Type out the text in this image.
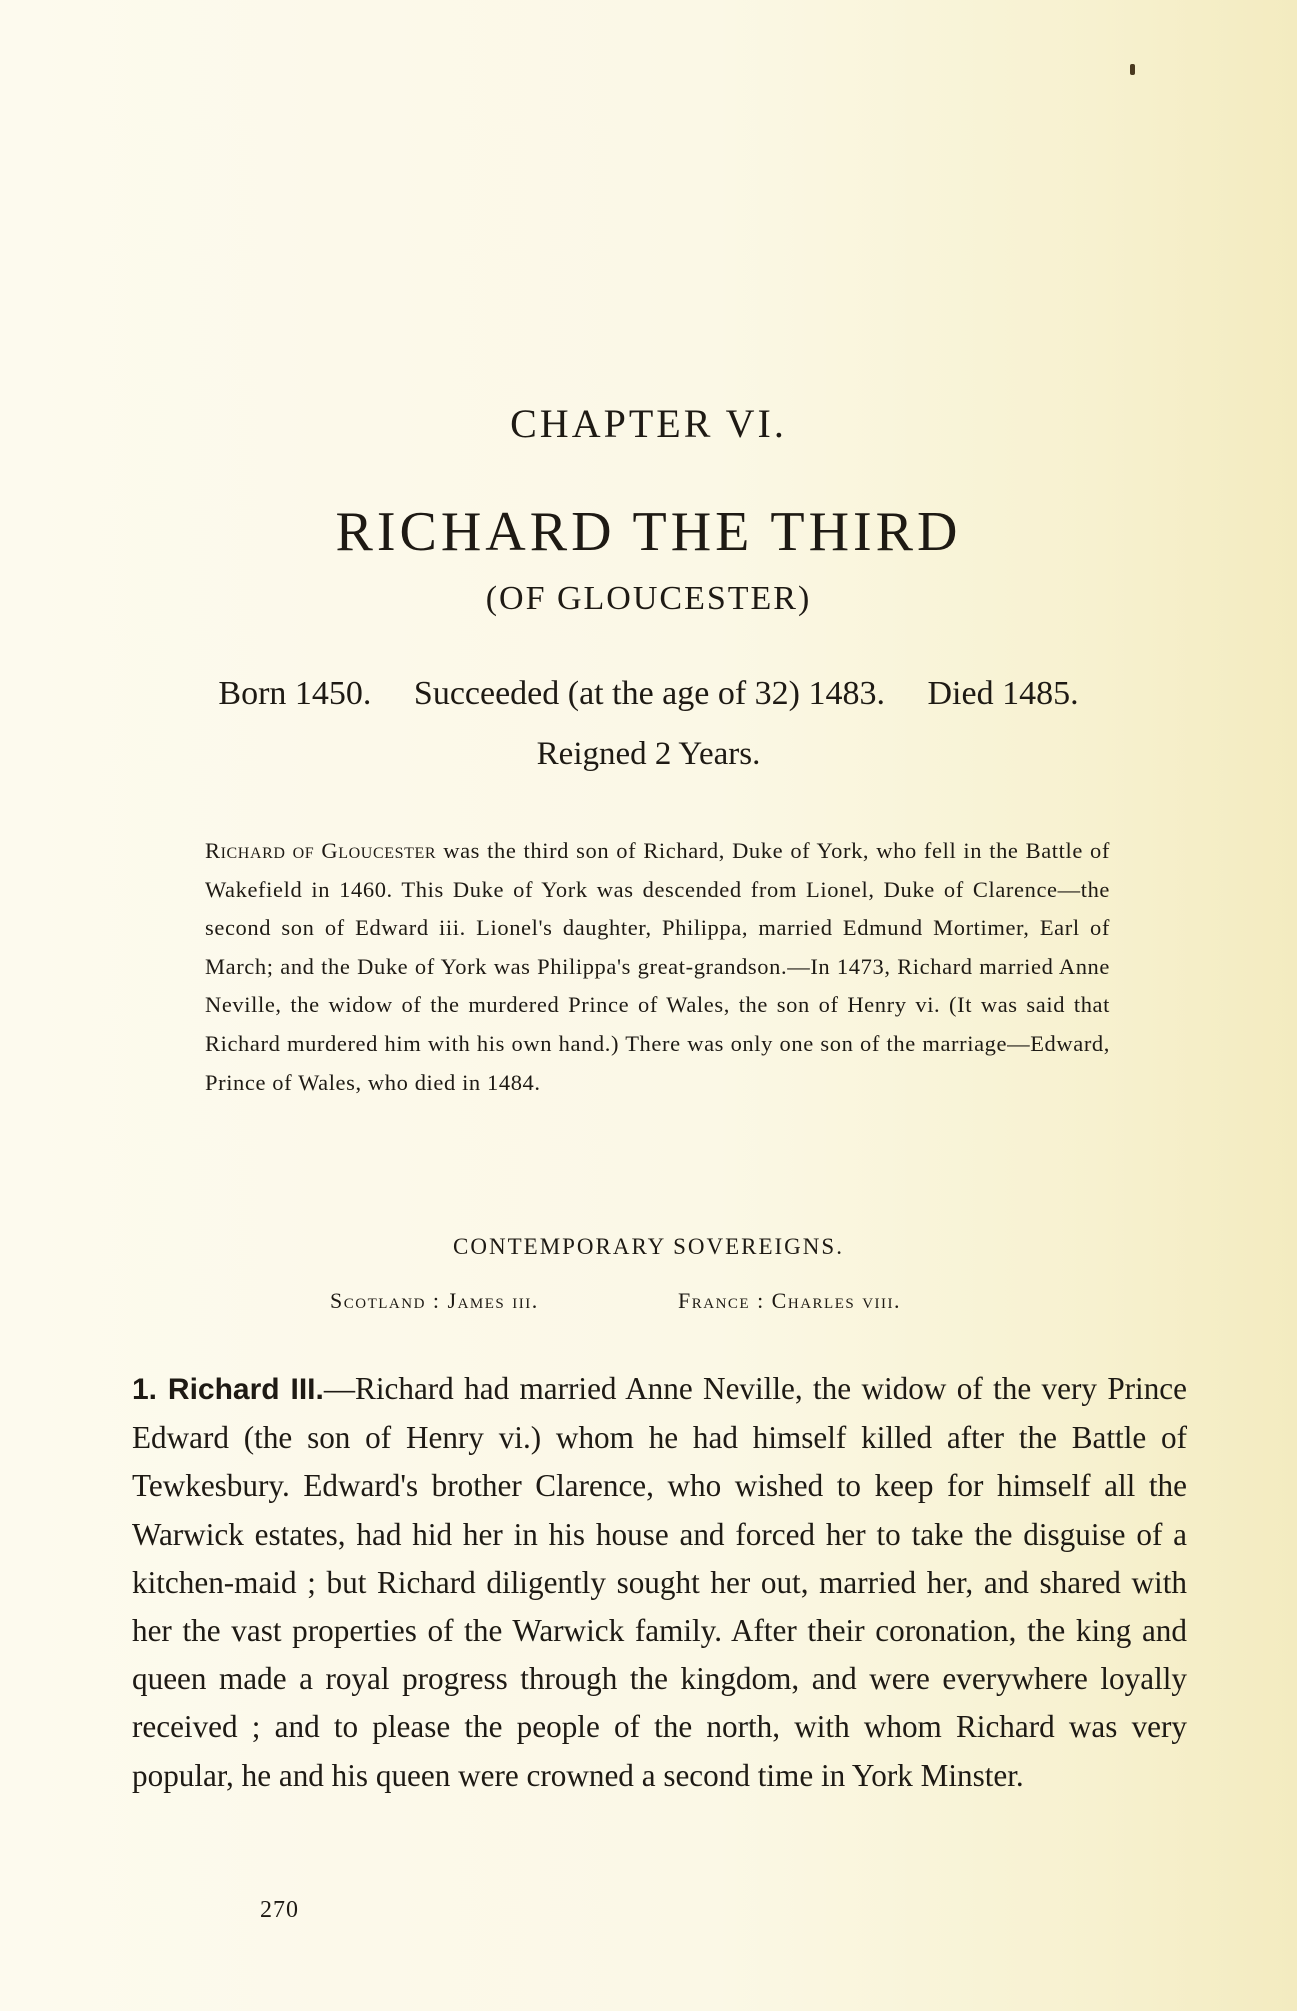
CHAPTER VI.
RICHARD THE THIRD
(OF GLOUCESTER)
Born 1450. Succeeded (at the age of 32) 1483. Died 1485.
Reigned 2 Years.
Richard of Gloucester was the third son of Richard, Duke of York, who fell in the Battle of Wakefield in 1460. This Duke of York was descended from Lionel, Duke of Clarence—the second son of Edward iii. Lionel's daughter, Philippa, married Edmund Mortimer, Earl of March; and the Duke of York was Philippa's great-grandson.—In 1473, Richard married Anne Neville, the widow of the murdered Prince of Wales, the son of Henry vi. (It was said that Richard murdered him with his own hand.) There was only one son of the marriage—Edward, Prince of Wales, who died in 1484.
CONTEMPORARY SOVEREIGNS.
Scotland : James iii.	France : Charles viii.
1. Richard III.—Richard had married Anne Neville, the widow of the very Prince Edward (the son of Henry vi.) whom he had himself killed after the Battle of Tewkesbury. Edward's brother Clarence, who wished to keep for himself all the Warwick estates, had hid her in his house and forced her to take the disguise of a kitchen-maid ; but Richard diligently sought her out, married her, and shared with her the vast properties of the Warwick family. After their coronation, the king and queen made a royal progress through the kingdom, and were everywhere loyally received ; and to please the people of the north, with whom Richard was very popular, he and his queen were crowned a second time in York Minster.
270
